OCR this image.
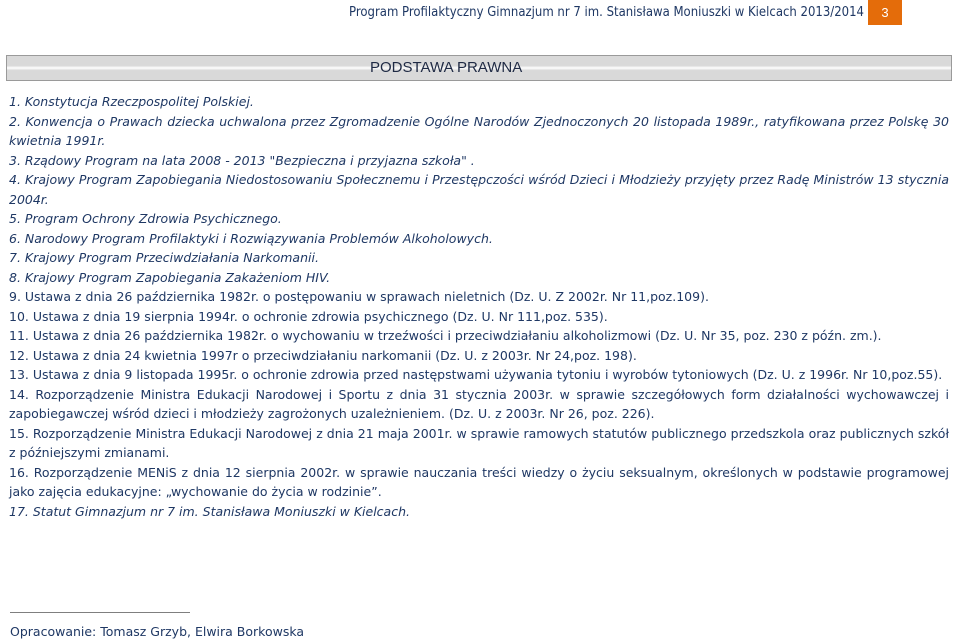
Program Profilaktyczny Gimnazjum nr 7 im. Stanisława Moniuszki w Kielcach 2013/2014	3
PODSTAWA PRAWNA
1. Konstytucja Rzeczpospolitej Polskiej.
2. Konwencja o Prawach dziecka uchwalona przez Zgromadzenie Ogólne Narodów Zjednoczonych 20 listopada 1989r., ratyfikowana przez Polskę 30 kwietnia 1991r.
3. Rządowy Program na lata 2008 - 2013 "Bezpieczna i przyjazna szkoła" .
4. Krajowy Program Zapobiegania Niedostosowaniu Społecznemu i Przestępczości wśród Dzieci i Młodzieży przyjęty przez Radę Ministrów 13 stycznia 2004r.
5. Program Ochrony Zdrowia Psychicznego.
6. Narodowy Program Profilaktyki i Rozwiązywania Problemów Alkoholowych.
7. Krajowy Program Przeciwdziałania Narkomanii.
8. Krajowy Program Zapobiegania Zakażeniom HIV.
9. Ustawa z dnia 26 października 1982r. o postępowaniu w sprawach nieletnich (Dz. U. Z 2002r. Nr 11,poz.109).
10. Ustawa z dnia 19 sierpnia 1994r. o ochronie zdrowia psychicznego (Dz. U. Nr 111,poz. 535).
11. Ustawa z dnia 26 października 1982r. o wychowaniu w trzeźwości i przeciwdziałaniu alkoholizmowi (Dz. U. Nr 35, poz. 230 z późn. zm.).
12. Ustawa z dnia 24 kwietnia 1997r o przeciwdziałaniu narkomanii (Dz. U. z 2003r. Nr 24,poz. 198).
13. Ustawa z dnia 9 listopada 1995r. o ochronie zdrowia przed następstwami używania tytoniu i wyrobów tytoniowych (Dz. U. z 1996r. Nr 10,poz.55).
14. Rozporządzenie Ministra Edukacji Narodowej i Sportu z dnia 31 stycznia 2003r. w sprawie szczegółowych form działalności wychowawczej i zapobiegawczej wśród dzieci i młodzieży zagrożonych uzależnieniem. (Dz. U. z 2003r. Nr 26, poz. 226).
15. Rozporządzenie Ministra Edukacji Narodowej z dnia 21 maja 2001r. w sprawie ramowych statutów publicznego przedszkola oraz publicznych szkół z późniejszymi zmianami.
16. Rozporządzenie MENiS z dnia 12 sierpnia 2002r. w sprawie nauczania treści wiedzy o życiu seksualnym, określonych w podstawie programowej jako zajęcia edukacyjne: „wychowanie do życia w rodzinie”.
17. Statut Gimnazjum nr 7 im. Stanisława Moniuszki w Kielcach.
Opracowanie: Tomasz Grzyb, Elwira Borkowska
